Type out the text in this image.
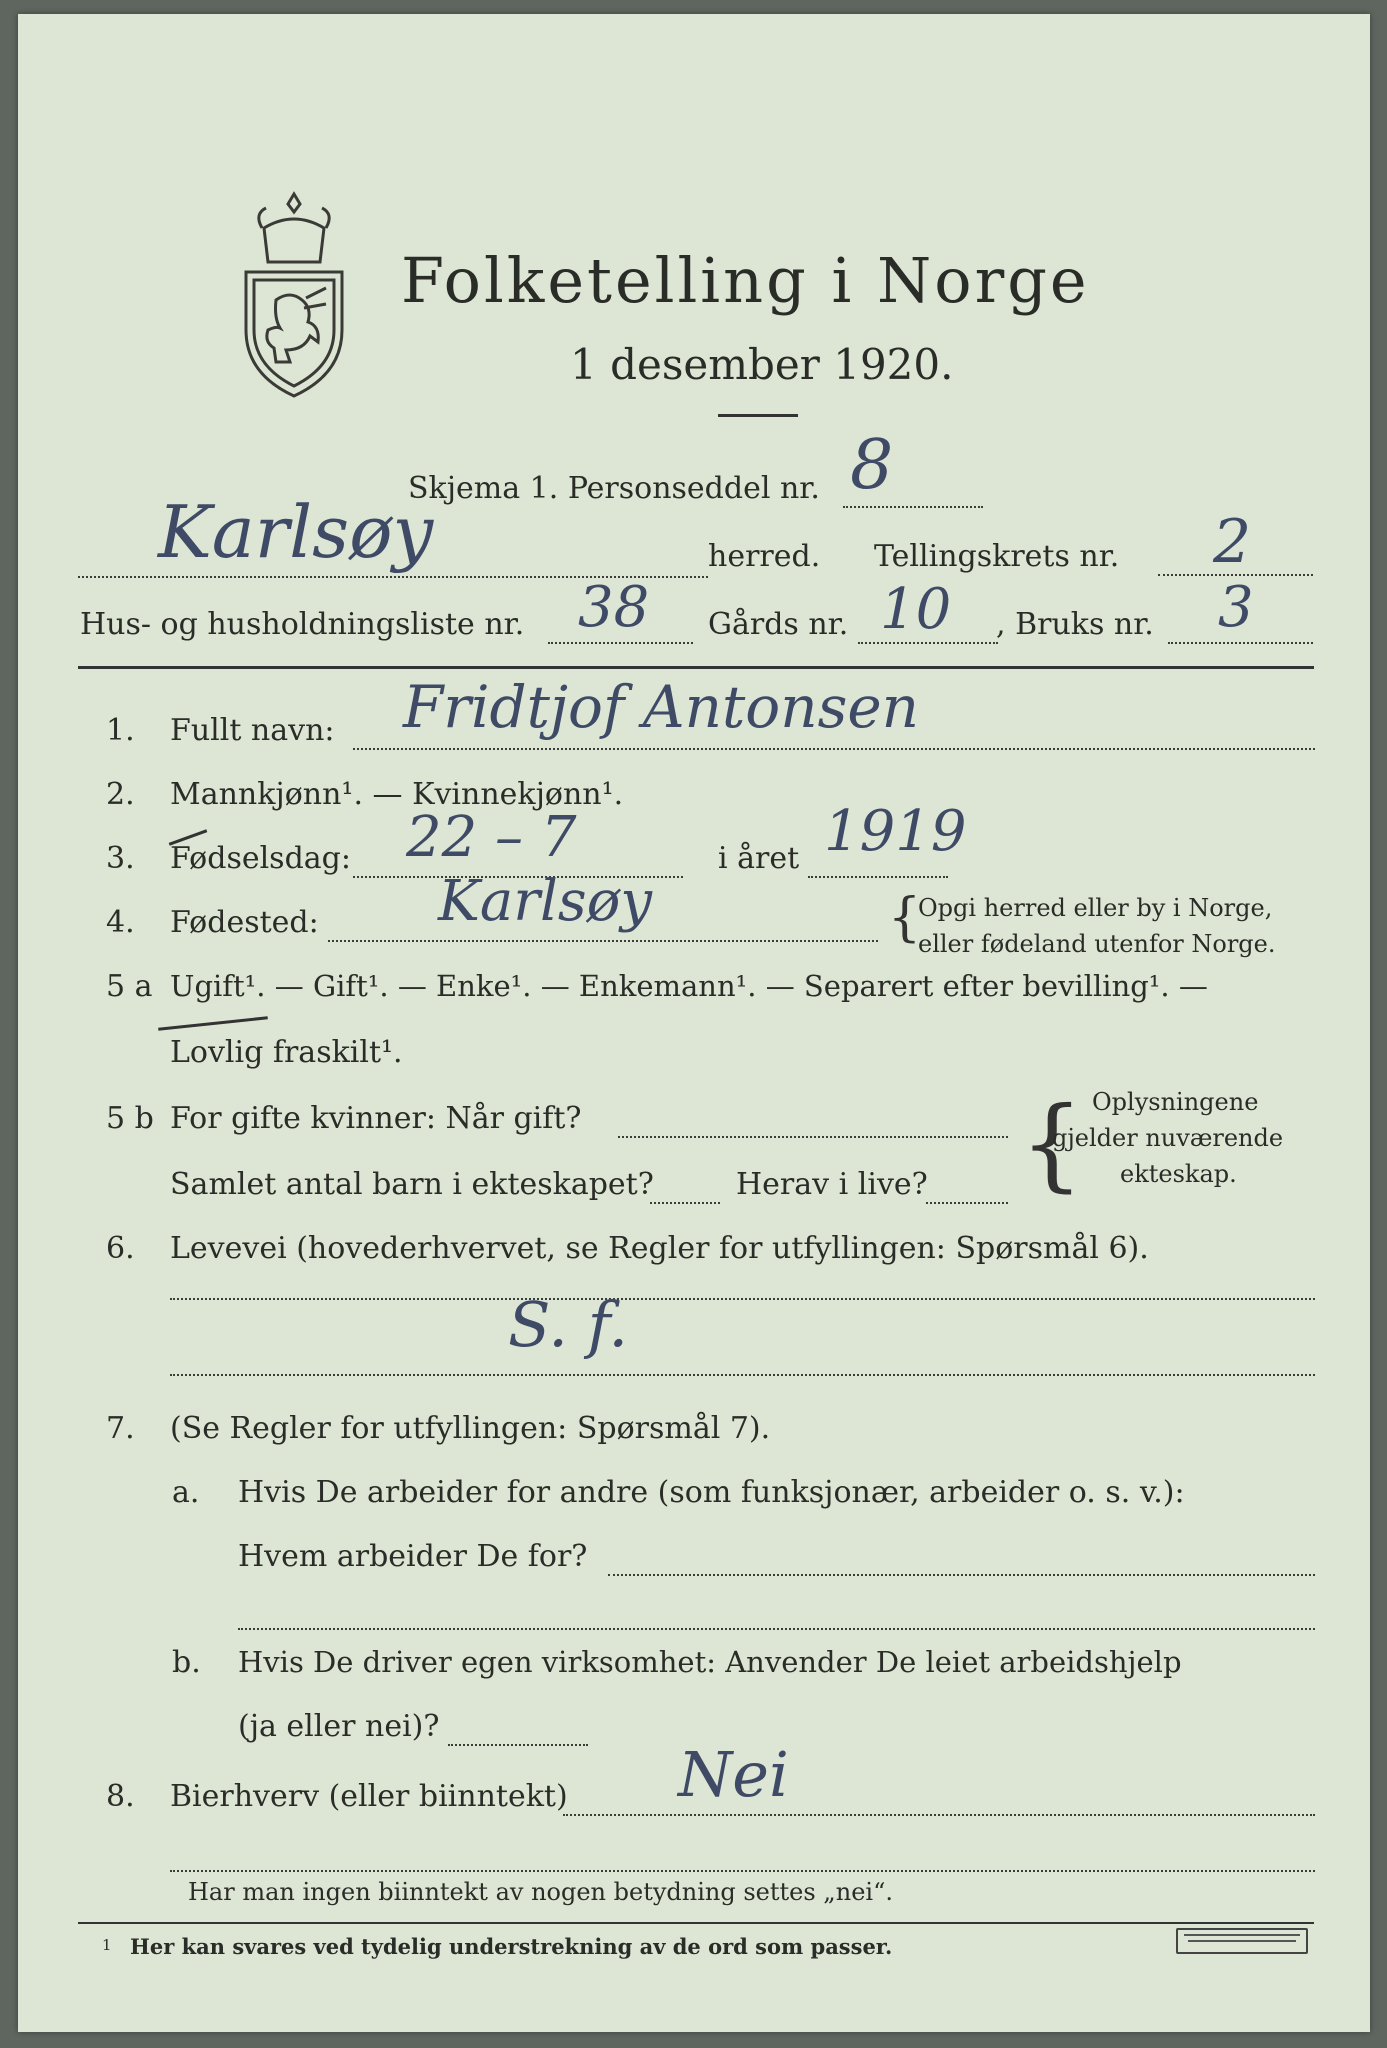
Folketelling i Norge
1 desember 1920.
Skjema 1. Personseddel nr. 8
Karlsøy	herred. Tellingskrets nr. 2
Hus- og husholdningsliste nr. 38 Gårds nr. 10 , Bruks nr. 3
1. Fullt navn: Fridtjof Antonsen
2. Mannkjønn¹. — Kvinnekjønn¹.
3. Fødselsdag: 22 – 7	i året 1919
4. Fødested: Karlsøy	{
Opgi herred eller by i Norge,
eller fødeland utenfor Norge.
5 a Ugift¹. — Gift¹. — Enke¹. — Enkemann¹. — Separert efter bevilling¹. —
Lovlig fraskilt¹.
5 b For gifte kvinner: Når gift?
Samlet antal barn i ekteskapet?	Herav i live? { Oplysningene
gjelder nuværende
ekteskap.
6. Levevei (hovederhvervet, se Regler for utfyllingen: Spørsmål 6).
S. f.
7. (Se Regler for utfyllingen: Spørsmål 7).
a. Hvis De arbeider for andre (som funksjonær, arbeider o. s. v.):
Hvem arbeider De for?
b. Hvis De driver egen virksomhet: Anvender De leiet arbeidshjelp
(ja eller nei)?
8. Bierhverv (eller biinntekt) Nei
Har man ingen biinntekt av nogen betydning settes „nei“.
1 Her kan svares ved tydelig understrekning av de ord som passer.
